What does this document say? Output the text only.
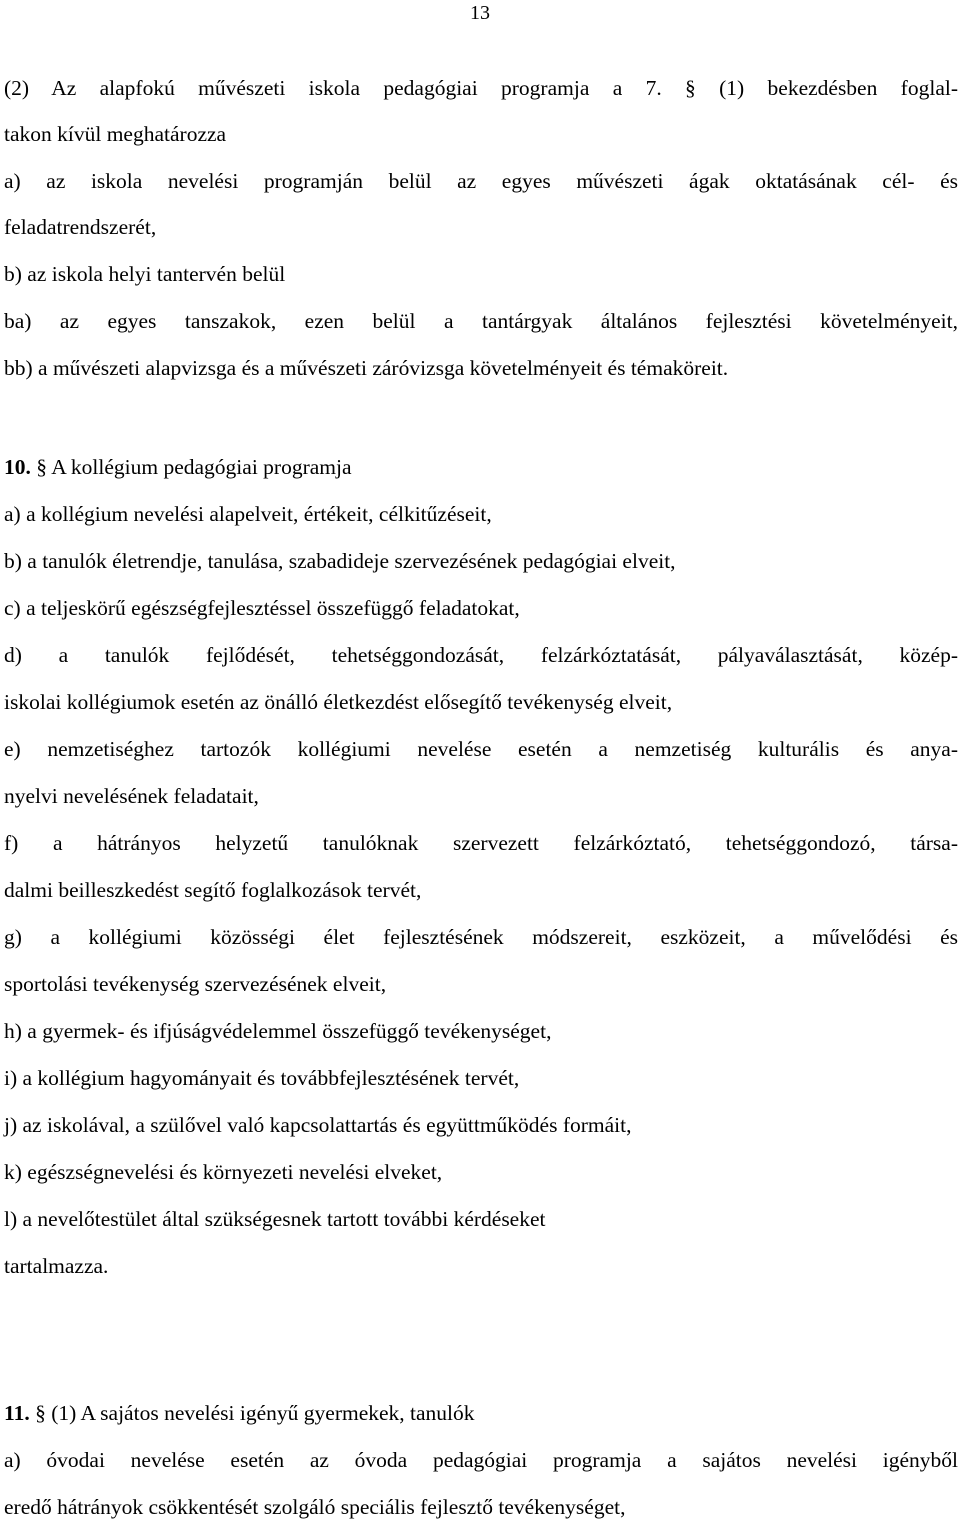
13
(2) Az alapfokú művészeti iskola pedagógiai programja a 7. § (1) bekezdésben foglal-
takon kívül meghatározza
a) az iskola nevelési programján belül az egyes művészeti ágak oktatásának cél- és
feladatrendszerét,
b) az iskola helyi tantervén belül
ba) az egyes tanszakok, ezen belül a tantárgyak általános fejlesztési követelményeit,
bb) a művészeti alapvizsga és a művészeti záróvizsga követelményeit és témaköreit.
10. § A kollégium pedagógiai programja
a) a kollégium nevelési alapelveit, értékeit, célkitűzéseit,
b) a tanulók életrendje, tanulása, szabadideje szervezésének pedagógiai elveit,
c) a teljeskörű egészségfejlesztéssel összefüggő feladatokat,
d) a tanulók fejlődését, tehetséggondozását, felzárkóztatását, pályaválasztását, közép-
iskolai kollégiumok esetén az önálló életkezdést elősegítő tevékenység elveit,
e) nemzetiséghez tartozók kollégiumi nevelése esetén a nemzetiség kulturális és anya-
nyelvi nevelésének feladatait,
f) a hátrányos helyzetű tanulóknak szervezett felzárkóztató, tehetséggondozó, társa-
dalmi beilleszkedést segítő foglalkozások tervét,
g) a kollégiumi közösségi élet fejlesztésének módszereit, eszközeit, a művelődési és
sportolási tevékenység szervezésének elveit,
h) a gyermek- és ifjúságvédelemmel összefüggő tevékenységet,
i) a kollégium hagyományait és továbbfejlesztésének tervét,
j) az iskolával, a szülővel való kapcsolattartás és együttműködés formáit,
k) egészségnevelési és környezeti nevelési elveket,
l) a nevelőtestület által szükségesnek tartott további kérdéseket
tartalmazza.
11. § (1) A sajátos nevelési igényű gyermekek, tanulók
a) óvodai nevelése esetén az óvoda pedagógiai programja a sajátos nevelési igényből
eredő hátrányok csökkentését szolgáló speciális fejlesztő tevékenységet,
